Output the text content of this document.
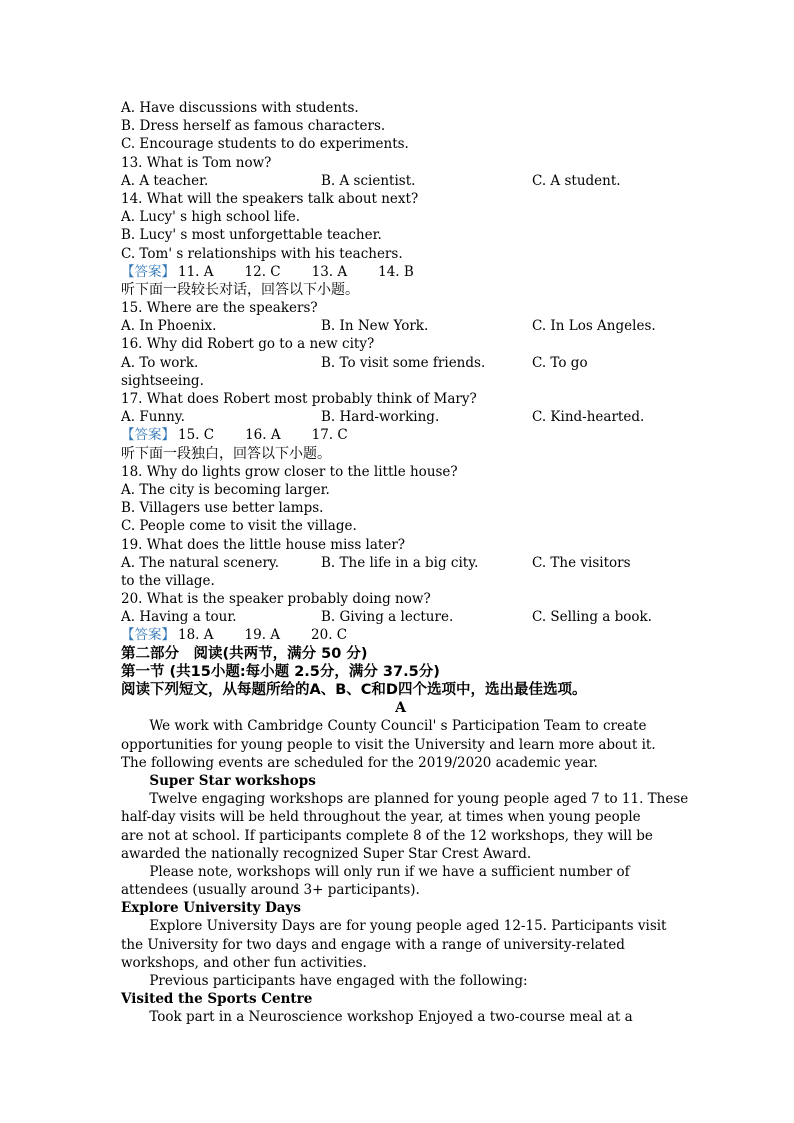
A. Have discussions with students.
B. Dress herself as famous characters.
C. Encourage students to do experiments.
13. What is Tom now?
A. A teacher.	B. A scientist.	C. A student.
14. What will the speakers talk about next?
A. Lucy' s high school life.
B. Lucy' s most unforgettable teacher.
C. Tom' s relationships with his teachers.
【答案】 11. A 12. C 13. A 14. B
听下面一段较长对话，回答以下小题。
15. Where are the speakers?
A. In Phoenix.	B. In New York.	C. In Los Angeles.
16. Why did Robert go to a new city?
A. To work.	B. To visit some friends.	C. To go
sightseeing.
17. What does Robert most probably think of Mary?
A. Funny.	B. Hard-working.	C. Kind-hearted.
【答案】 15. C 16. A 17. C
听下面一段独白，回答以下小题。
18. Why do lights grow closer to the little house?
A. The city is becoming larger.
B. Villagers use better lamps.
C. People come to visit the village.
19. What does the little house miss later?
A. The natural scenery.	B. The life in a big city.	C. The visitors
to the village.
20. What is the speaker probably doing now?
A. Having a tour.	B. Giving a lecture.	C. Selling a book.
【答案】 18. A 19. A 20. C
第二部分　阅读(共两节，满分 50 分)
第一节 (共15小题:每小题 2.5分，满分 37.5分)
阅读下列短文，从每题所给的A、B、C和D四个选项中，选出最佳选项。
A
We work with Cambridge County Council' s Participation Team to create
opportunities for young people to visit the University and learn more about it.
The following events are scheduled for the 2019/2020 academic year.
Super Star workshops
Twelve engaging workshops are planned for young people aged 7 to 11. These
half-day visits will be held throughout the year, at times when young people
are not at school. If participants complete 8 of the 12 workshops, they will be
awarded the nationally recognized Super Star Crest Award.
Please note, workshops will only run if we have a sufficient number of
attendees (usually around 3+ participants).
Explore University Days
Explore University Days are for young people aged 12-15. Participants visit
the University for two days and engage with a range of university-related
workshops, and other fun activities.
Previous participants have engaged with the following:
Visited the Sports Centre
Took part in a Neuroscience workshop Enjoyed a two-course meal at a
